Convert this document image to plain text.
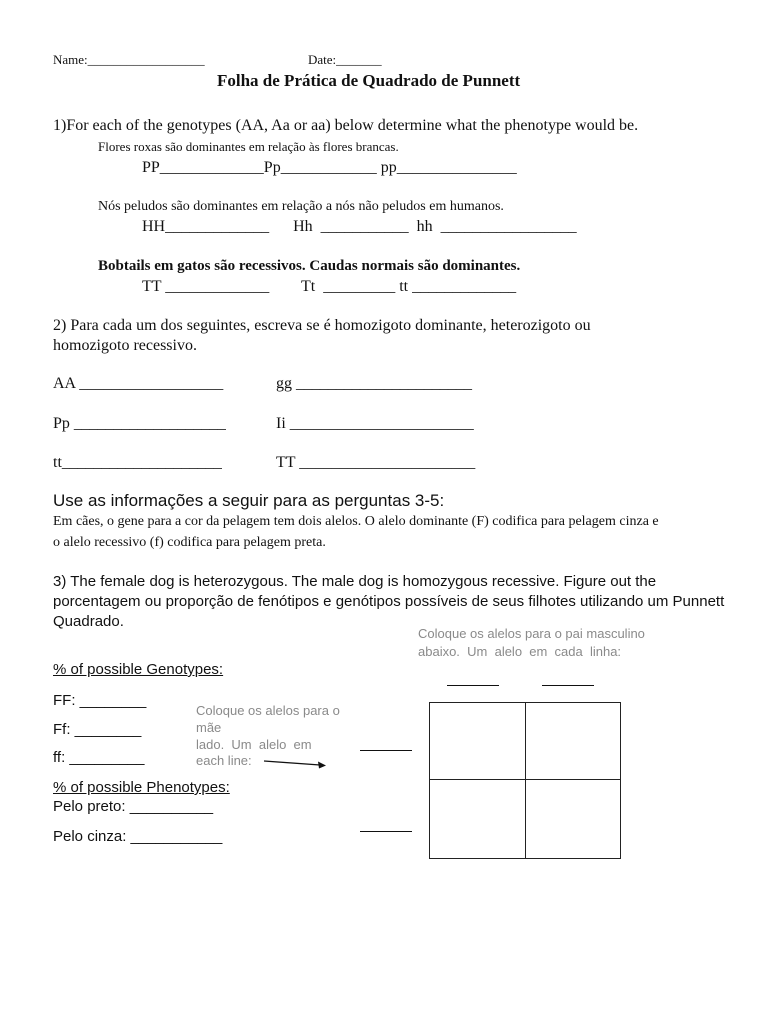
Name:__________________	Date:_______
Folha de Prática de Quadrado de Punnett
1)For each of the genotypes (AA, Aa or aa) below determine what the phenotype would be.
Flores roxas são dominantes em relação às flores brancas.
PP_____________Pp____________ pp_______________
Nós peludos são dominantes em relação a nós não peludos em humanos.
HH_____________      Hh  ___________  hh  _________________
Bobtails em gatos são recessivos. Caudas normais são dominantes.
TT _____________        Tt  _________ tt _____________
2) Para cada um dos seguintes, escreva se é homozigoto dominante, heterozigoto ou
homozigoto recessivo.
AA __________________	gg ______________________
Pp ___________________	Ii _______________________
tt____________________	TT ______________________
Use as informações a seguir para as perguntas 3-5:
Em cães, o gene para a cor da pelagem tem dois alelos. O alelo dominante (F) codifica para pelagem cinza e
o alelo recessivo (f) codifica para pelagem preta.
3) The female dog is heterozygous. The male dog is homozygous recessive. Figure out the
porcentagem ou proporção de fenótipos e genótipos possíveis de seus filhotes utilizando um Punnett
Quadrado.
Coloque os alelos para o pai masculino
abaixo.  Um  alelo  em  cada  linha:
% of possible Genotypes:
FF: ________
Ff: ________
ff: _________
Coloque os alelos para o
mãe
lado.  Um  alelo  em
each line:
% of possible Phenotypes:
Pelo preto: __________
Pelo cinza: ___________
